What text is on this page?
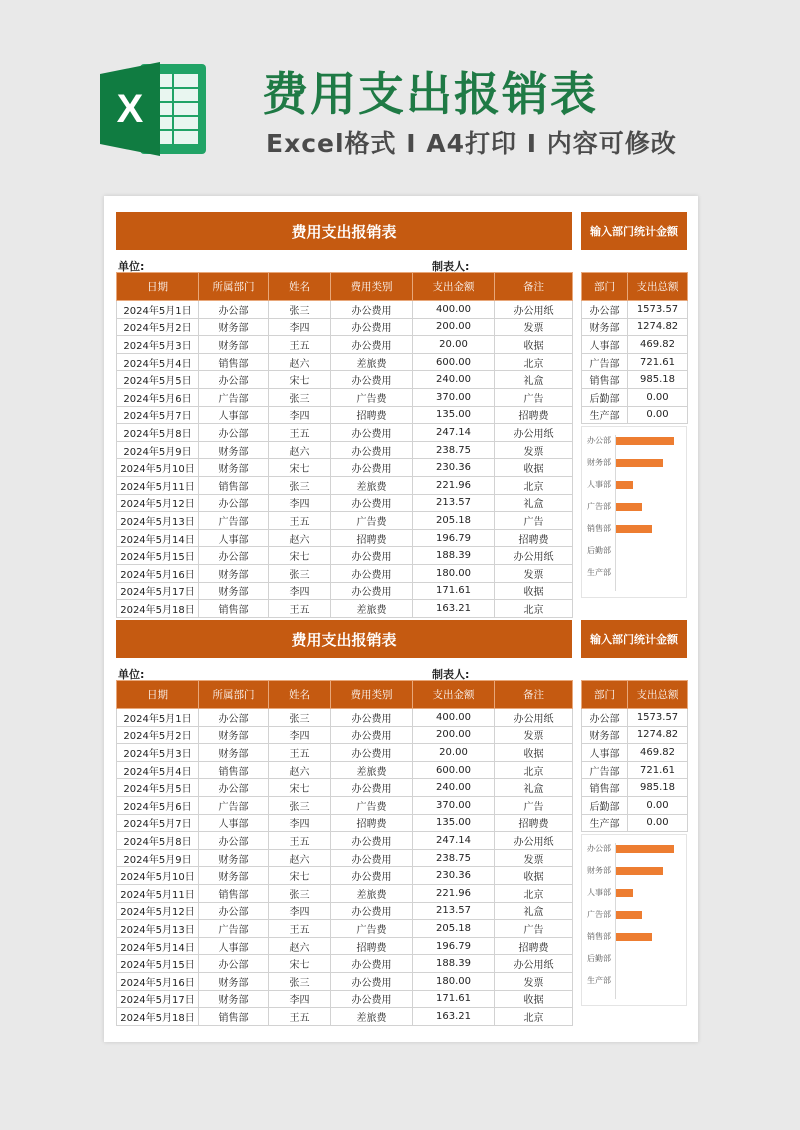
X	费用支出报销表
Excel格式 I A4打印 I 内容可修改
费用支出报销表	输入部门统计金额
单位:	制表人:
日期	所属部门	姓名	费用类别	支出金额	备注
2024年5月1日	办公部	张三	办公费用	400.00	办公用纸
2024年5月2日	财务部	李四	办公费用	200.00	发票
2024年5月3日	财务部	王五	办公费用	20.00	收据
2024年5月4日	销售部	赵六	差旅费	600.00	北京
2024年5月5日	办公部	宋七	办公费用	240.00	礼盒
2024年5月6日	广告部	张三	广告费	370.00	广告
2024年5月7日	人事部	李四	招聘费	135.00	招聘费
2024年5月8日	办公部	王五	办公费用	247.14	办公用纸
2024年5月9日	财务部	赵六	办公费用	238.75	发票
2024年5月10日	财务部	宋七	办公费用	230.36	收据
2024年5月11日	销售部	张三	差旅费	221.96	北京
2024年5月12日	办公部	李四	办公费用	213.57	礼盒
2024年5月13日	广告部	王五	广告费	205.18	广告
2024年5月14日	人事部	赵六	招聘费	196.79	招聘费
2024年5月15日	办公部	宋七	办公费用	188.39	办公用纸
2024年5月16日	财务部	张三	办公费用	180.00	发票
2024年5月17日	财务部	李四	办公费用	171.61	收据
2024年5月18日	销售部	王五	差旅费	163.21	北京
部门	支出总额
办公部	1573.57
财务部	1274.82
人事部	469.82
广告部	721.61
销售部	985.18
后勤部	0.00
生产部	0.00
办公部
财务部
人事部
广告部
销售部
后勤部
生产部
费用支出报销表	输入部门统计金额
单位:	制表人:
日期	所属部门	姓名	费用类别	支出金额	备注
2024年5月1日	办公部	张三	办公费用	400.00	办公用纸
2024年5月2日	财务部	李四	办公费用	200.00	发票
2024年5月3日	财务部	王五	办公费用	20.00	收据
2024年5月4日	销售部	赵六	差旅费	600.00	北京
2024年5月5日	办公部	宋七	办公费用	240.00	礼盒
2024年5月6日	广告部	张三	广告费	370.00	广告
2024年5月7日	人事部	李四	招聘费	135.00	招聘费
2024年5月8日	办公部	王五	办公费用	247.14	办公用纸
2024年5月9日	财务部	赵六	办公费用	238.75	发票
2024年5月10日	财务部	宋七	办公费用	230.36	收据
2024年5月11日	销售部	张三	差旅费	221.96	北京
2024年5月12日	办公部	李四	办公费用	213.57	礼盒
2024年5月13日	广告部	王五	广告费	205.18	广告
2024年5月14日	人事部	赵六	招聘费	196.79	招聘费
2024年5月15日	办公部	宋七	办公费用	188.39	办公用纸
2024年5月16日	财务部	张三	办公费用	180.00	发票
2024年5月17日	财务部	李四	办公费用	171.61	收据
2024年5月18日	销售部	王五	差旅费	163.21	北京
部门	支出总额
办公部	1573.57
财务部	1274.82
人事部	469.82
广告部	721.61
销售部	985.18
后勤部	0.00
生产部	0.00
办公部
财务部
人事部
广告部
销售部
后勤部
生产部
